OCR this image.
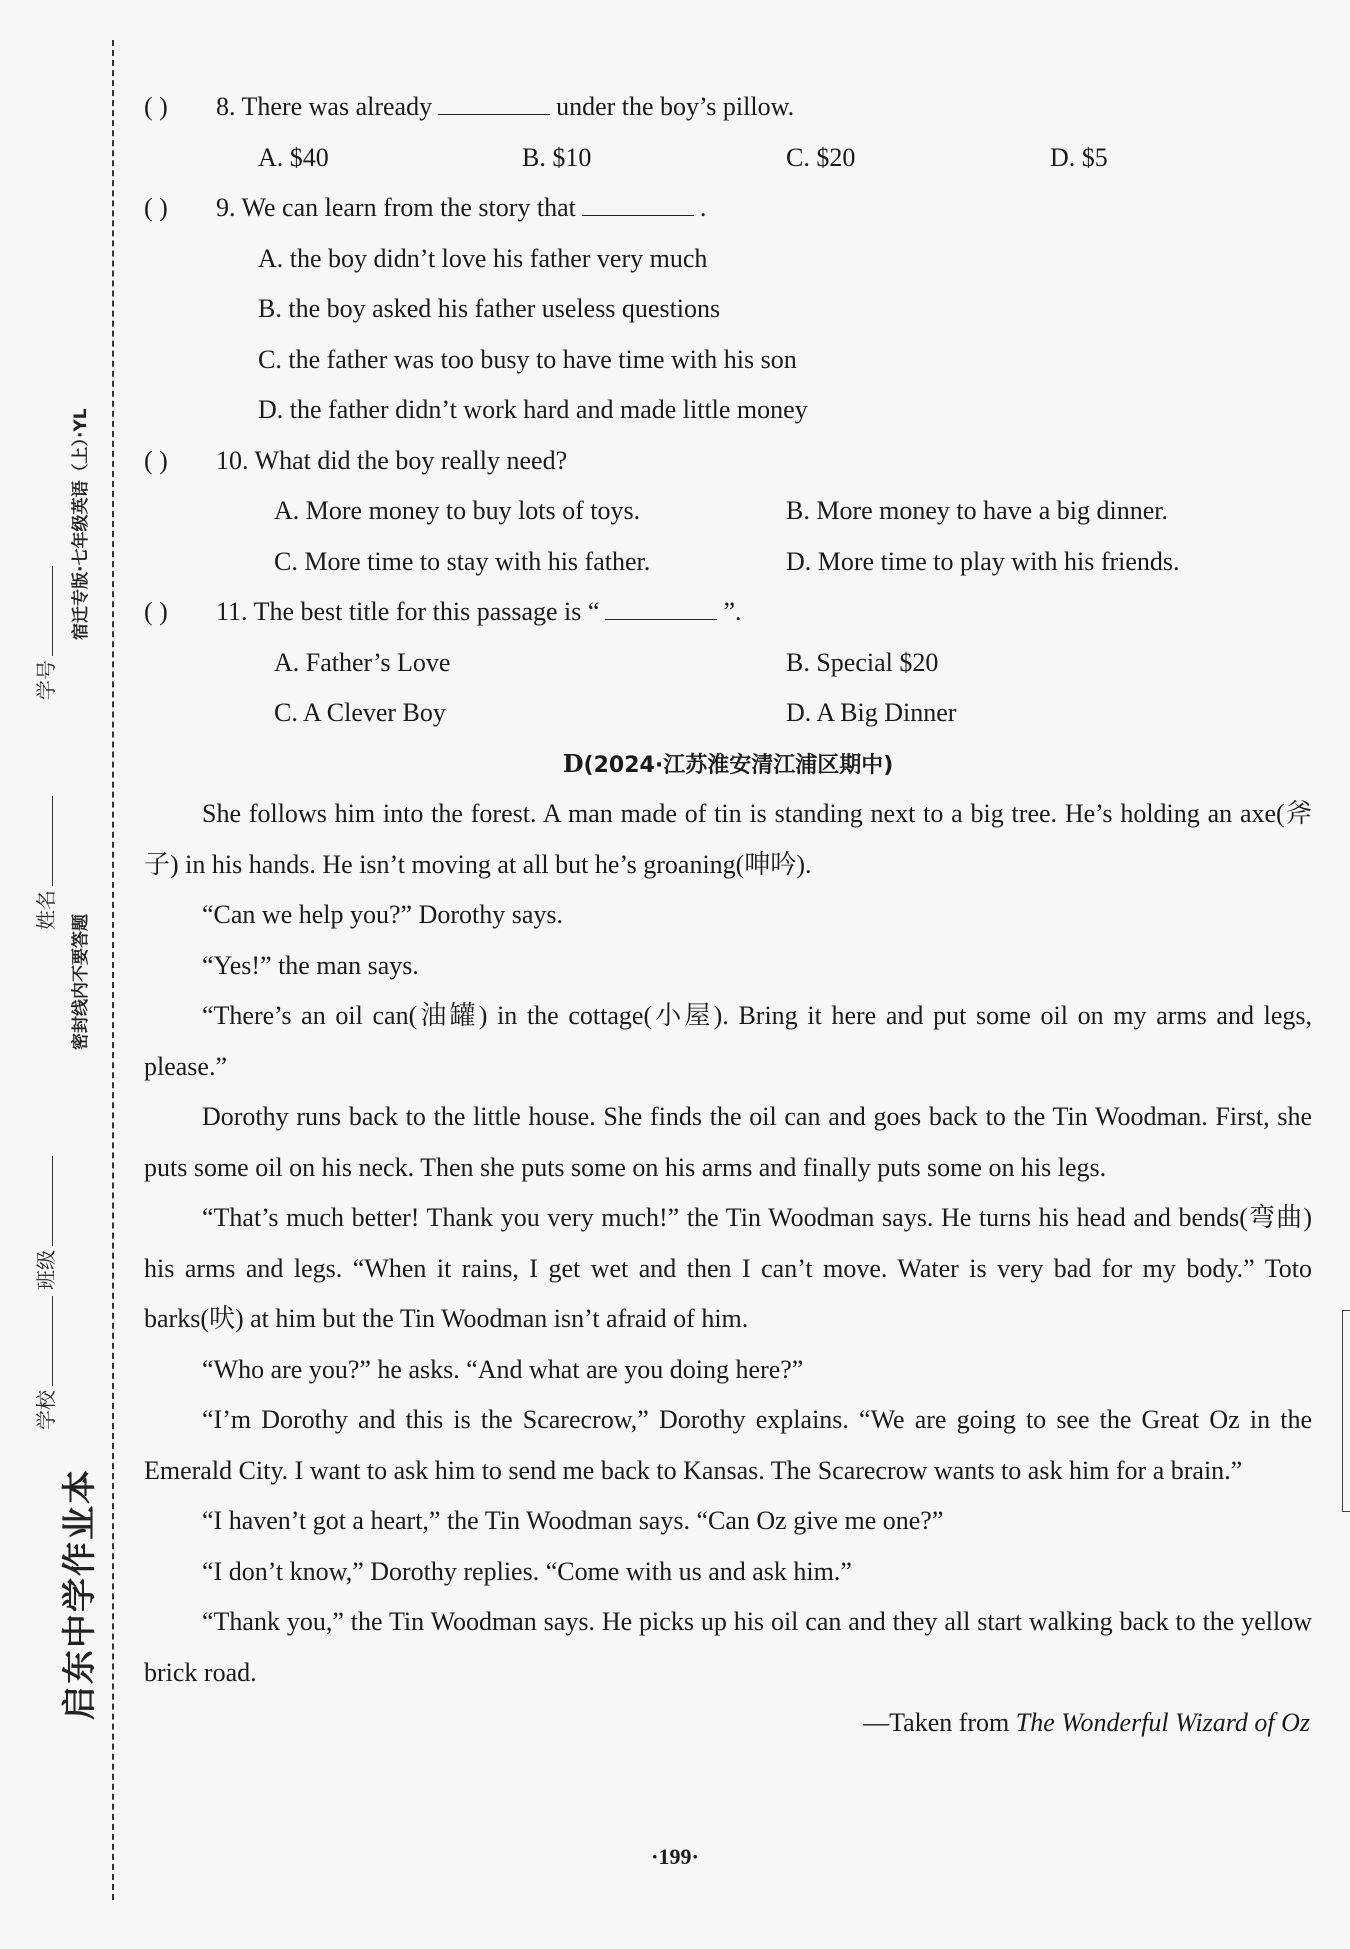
启东中学作业本
学校
班级
姓名
学号
密封线内不要答题
宿迁专版·七年级英语（上）·YL
( ) 8. There was already	under the boy’s pillow.
A. $40	B. $10	C. $20	D. $5
( ) 9. We can learn from the story that	.
A. the boy didn’t love his father very much
B. the boy asked his father useless questions
C. the father was too busy to have time with his son
D. the father didn’t work hard and made little money
( ) 10. What did the boy really need?
A. More money to buy lots of toys.	B. More money to have a big dinner.
C. More time to stay with his father.	D. More time to play with his friends.
( ) 11. The best title for this passage is “	”.
A. Father’s Love	B. Special $20
C. A Clever Boy	D. A Big Dinner
D(2024·江苏淮安清江浦区期中)

She follows him into the forest. A man made of tin is standing next to a big tree. He’s holding an axe(斧子) in his hands. He isn’t moving at all but he’s groaning(呻吟).

“Can we help you?” Dorothy says.

“Yes!” the man says.

“There’s an oil can(油罐) in the cottage(小屋). Bring it here and put some oil on my arms and legs, please.”

Dorothy runs back to the little house. She finds the oil can and goes back to the Tin Woodman. First, she puts some oil on his neck. Then she puts some on his arms and finally puts some on his legs.

“That’s much better! Thank you very much!” the Tin Woodman says. He turns his head and bends(弯曲) his arms and legs. “When it rains, I get wet and then I can’t move. Water is very bad for my body.” Toto barks(吠) at him but the Tin Woodman isn’t afraid of him.

“Who are you?” he asks. “And what are you doing here?”

“I’m Dorothy and this is the Scarecrow,” Dorothy explains. “We are going to see the Great Oz in the Emerald City. I want to ask him to send me back to Kansas. The Scarecrow wants to ask him for a brain.”

“I haven’t got a heart,” the Tin Woodman says. “Can Oz give me one?”

“I don’t know,” Dorothy replies. “Come with us and ask him.”

“Thank you,” the Tin Woodman says. He picks up his oil can and they all start walking back to the yellow brick road.

—Taken from The Wonderful Wizard of Oz

·199·
